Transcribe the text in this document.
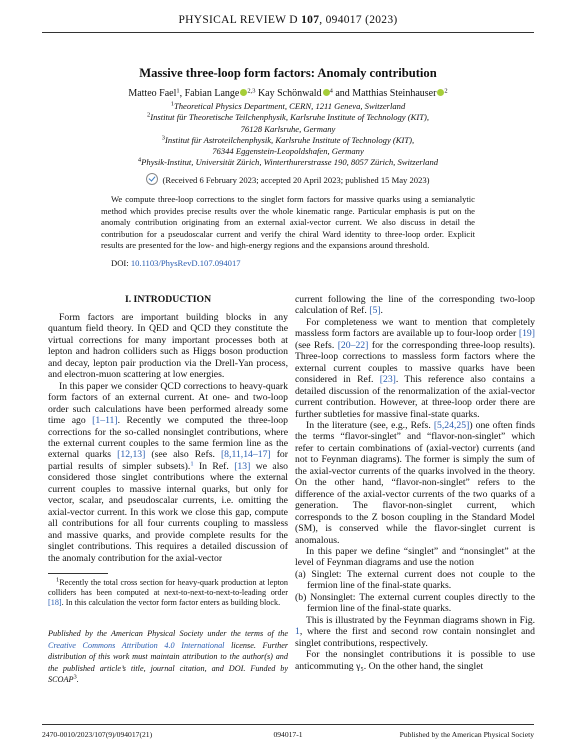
PHYSICAL REVIEW D 107, 094017 (2023)
Massive three-loop form factors: Anomaly contribution
Matteo Fael$^1$, Fabian Lange $^{2,3}$ Kay Schönwald $^4$ and Matthias Steinhauser $^2$
$^1$Theoretical Physics Department, CERN, 1211 Geneva, Switzerland
$^2$Institut für Theoretische Teilchenphysik, Karlsruhe Institute of Technology (KIT),
76128 Karlsruhe, Germany
$^3$Institut für Astroteilchenphysik, Karlsruhe Institute of Technology (KIT),
76344 Eggenstein-Leopoldshafen, Germany
$^4$Physik-Institut, Universität Zürich, Winterthurerstrasse 190, 8057 Zürich, Switzerland
(Received 6 February 2023; accepted 20 April 2023; published 15 May 2023)
We compute three-loop corrections to the singlet form factors for massive quarks using a semianalytic method which provides precise results over the whole kinematic range. Particular emphasis is put on the anomaly contribution originating from an external axial-vector current. We also discuss in detail the contribution for a pseudoscalar current and verify the chiral Ward identity to three-loop order. Explicit results are presented for the low- and high-energy regions and the expansions around threshold.
DOI: 10.1103/PhysRevD.107.094017
I. INTRODUCTION

Form factors are important building blocks in any quantum field theory. In QED and QCD they constitute the virtual corrections for many important processes both at lepton and hadron colliders such as Higgs boson production and decay, lepton pair production via the Drell-Yan process, and electron-muon scattering at low energies.

In this paper we consider QCD corrections to heavy-quark form factors of an external current. At one- and two-loop order such calculations have been performed already some time ago [1–11]. Recently we computed the three-loop corrections for the so-called nonsinglet contributions, where the external current couples to the same fermion line as the external quarks [12,13] (see also Refs. [8,11,14–17] for partial results of simpler subsets).$^1$ In Ref. [13] we also considered those singlet contributions where the external current couples to massive internal quarks, but only for vector, scalar, and pseudoscalar currents, i.e. omitting the axial-vector current. In this work we close this gap, compute all contributions for all four currents coupling to massless and massive quarks, and provide complete results for the singlet contributions. This requires a detailed discussion of the anomaly contribution for the axial-vector

$^1$Recently the total cross section for heavy-quark production at lepton colliders has been computed at next-to-next-to-next-to-leading order [18]. In this calculation the vector form factor enters as building block.
Published by the American Physical Society under the terms of the Creative Commons Attribution 4.0 International license. Further distribution of this work must maintain attribution to the author(s) and the published article’s title, journal citation, and DOI. Funded by SCOAP$^3$.

current following the line of the corresponding two-loop calculation of Ref. [5].

For completeness we want to mention that completely massless form factors are available up to four-loop order [19] (see Refs. [20–22] for the corresponding three-loop results). Three-loop corrections to massless form factors where the external current couples to massive quarks have been considered in Ref. [23]. This reference also contains a detailed discussion of the renormalization of the axial-vector current contribution. However, at three-loop order there are further subtleties for massive final-state quarks.

In the literature (see, e.g., Refs. [5,24,25]) one often finds the terms “flavor-singlet” and “flavor-non-singlet” which refer to certain combinations of (axial-vector) currents (and not to Feynman diagrams). The former is simply the sum of the axial-vector currents of the quarks involved in the theory. On the other hand, “flavor-non-singlet” refers to the difference of the axial-vector currents of the two quarks of a generation. The flavor-non-singlet current, which corresponds to the Z boson coupling in the Standard Model (SM), is conserved while the flavor-singlet current is anomalous.

In this paper we define “singlet” and “nonsinglet” at the level of Feynman diagrams and use the notion

(a) Singlet: The external current does not couple to the fermion line of the final-state quarks.
(b) Nonsinglet: The external current couples directly to the fermion line of the final-state quarks.

This is illustrated by the Feynman diagrams shown in Fig. 1, where the first and second row contain nonsinglet and singlet contributions, respectively.

For the nonsinglet contributions it is possible to use anticommuting γ₅. On the other hand, the singlet

2470-0010/2023/107(9)/094017(21)	094017-1	Published by the American Physical Society
